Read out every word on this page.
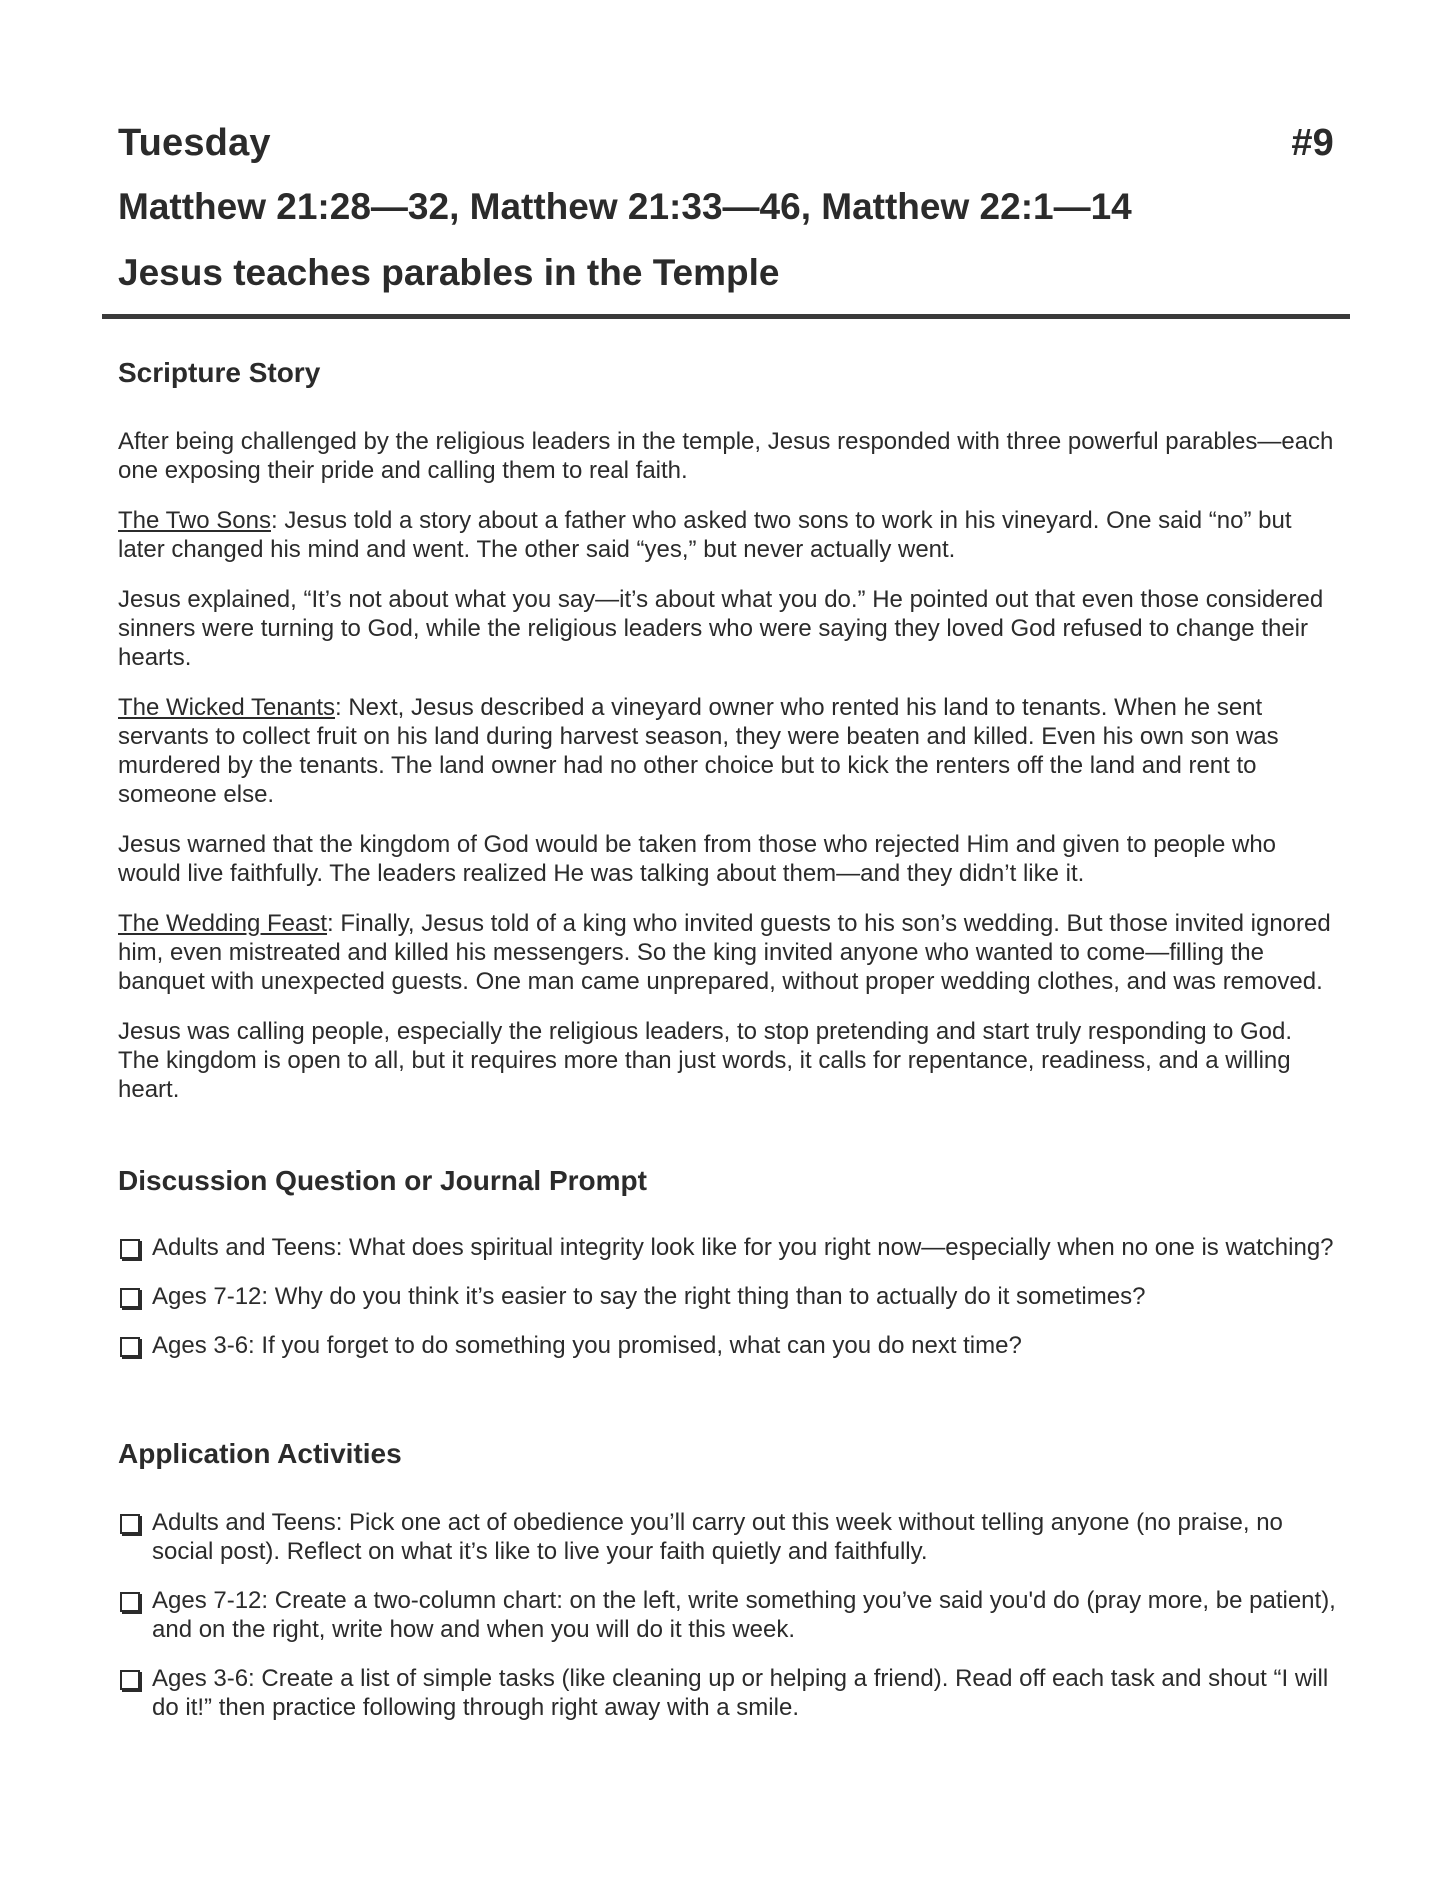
Tuesday	#9
Matthew 21:28—32, Matthew 21:33—46, Matthew 22:1—14
Jesus teaches parables in the Temple
Scripture Story

After being challenged by the religious leaders in the temple, Jesus responded with three powerful parables—each one exposing their pride and calling them to real faith.

The Two Sons: Jesus told a story about a father who asked two sons to work in his vineyard. One said “no” but later changed his mind and went. The other said “yes,” but never actually went.

Jesus explained, “It’s not about what you say—it’s about what you do.” He pointed out that even those considered sinners were turning to God, while the religious leaders who were saying they loved God refused to change their hearts.

The Wicked Tenants: Next, Jesus described a vineyard owner who rented his land to tenants. When he sent servants to collect fruit on his land during harvest season, they were beaten and killed. Even his own son was murdered by the tenants. The land owner had no other choice but to kick the renters off the land and rent to someone else.

Jesus warned that the kingdom of God would be taken from those who rejected Him and given to people who would live faithfully. The leaders realized He was talking about them—and they didn’t like it.

The Wedding Feast: Finally, Jesus told of a king who invited guests to his son’s wedding. But those invited ignored him, even mistreated and killed his messengers. So the king invited anyone who wanted to come—filling the banquet with unexpected guests. One man came unprepared, without proper wedding clothes, and was removed.

Jesus was calling people, especially the religious leaders, to stop pretending and start truly responding to God. The kingdom is open to all, but it requires more than just words, it calls for repentance, readiness, and a willing heart.

Discussion Question or Journal Prompt
Adults and Teens: What does spiritual integrity look like for you right now—especially when no one is watching?
Ages 7-12: Why do you think it’s easier to say the right thing than to actually do it sometimes?
Ages 3-6: If you forget to do something you promised, what can you do next time?
Application Activities
Adults and Teens: Pick one act of obedience you’ll carry out this week without telling anyone (no praise, no social post). Reflect on what it’s like to live your faith quietly and faithfully.
Ages 7-12: Create a two-column chart: on the left, write something you’ve said you'd do (pray more, be patient), and on the right, write how and when you will do it this week.
Ages 3-6: Create a list of simple tasks (like cleaning up or helping a friend). Read off each task and shout “I will do it!” then practice following through right away with a smile.
